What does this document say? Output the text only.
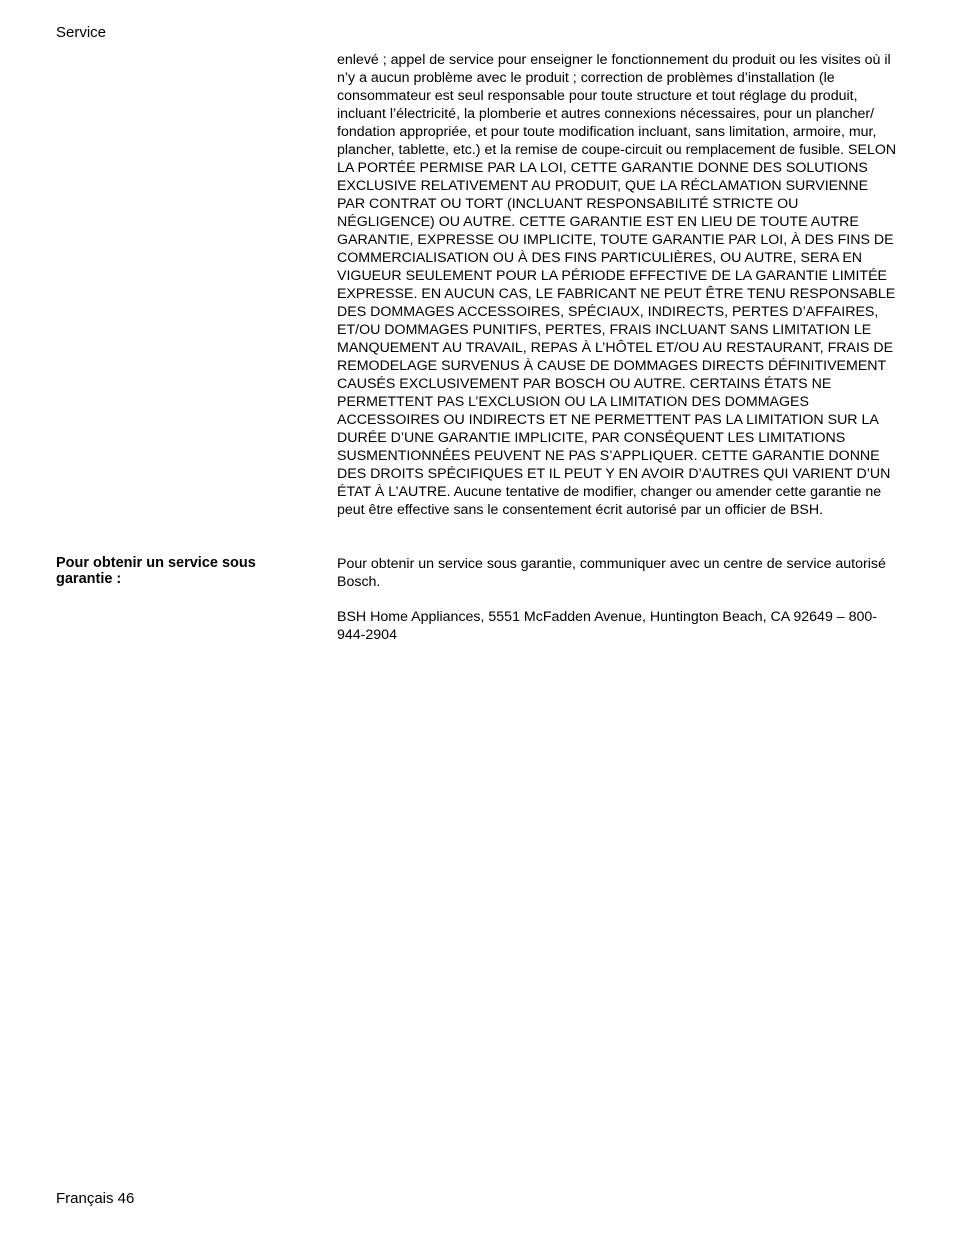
Service

enlevé ; appel de service pour enseigner le fonctionnement du produit ou les visites où il n’y a aucun problème avec le produit ; correction de problèmes d’installation (le consommateur est seul responsable pour toute structure et tout réglage du produit, incluant l’électricité, la plomberie et autres connexions nécessaires, pour un plancher/ fondation appropriée, et pour toute modification incluant, sans limitation, armoire, mur, plancher, tablette, etc.) et la remise de coupe-circuit ou remplacement de fusible. SELON LA PORTÉE PERMISE PAR LA LOI, CETTE GARANTIE DONNE DES SOLUTIONS EXCLUSIVE RELATIVEMENT AU PRODUIT, QUE LA RÉCLAMATION SURVIENNE PAR CONTRAT OU TORT (INCLUANT RESPONSABILITÉ STRICTE OU NÉGLIGENCE) OU AUTRE. CETTE GARANTIE EST EN LIEU DE TOUTE AUTRE GARANTIE, EXPRESSE OU IMPLICITE, TOUTE GARANTIE PAR LOI, À DES FINS DE COMMERCIALISATION OU À DES FINS PARTICULIÈRES, OU AUTRE, SERA EN VIGUEUR SEULEMENT POUR LA PÉRIODE EFFECTIVE DE LA GARANTIE LIMITÉE EXPRESSE. EN AUCUN CAS, LE FABRICANT NE PEUT ÊTRE TENU RESPONSABLE DES DOMMAGES ACCESSOIRES, SPÉCIAUX, INDIRECTS, PERTES D’AFFAIRES, ET/OU DOMMAGES PUNITIFS, PERTES, FRAIS INCLUANT SANS LIMITATION LE MANQUEMENT AU TRAVAIL, REPAS À L’HÔTEL ET/OU AU RESTAURANT, FRAIS DE REMODELAGE SURVENUS À CAUSE DE DOMMAGES DIRECTS DÉFINITIVEMENT CAUSÉS EXCLUSIVEMENT PAR BOSCH OU AUTRE. CERTAINS ÉTATS NE PERMETTENT PAS L’EXCLUSION OU LA LIMITATION DES DOMMAGES ACCESSOIRES OU INDIRECTS ET NE PERMETTENT PAS LA LIMITATION SUR LA DURÉE D’UNE GARANTIE IMPLICITE, PAR CONSÉQUENT LES LIMITATIONS SUSMENTIONNÉES PEUVENT NE PAS S’APPLIQUER. CETTE GARANTIE DONNE DES DROITS SPÉCIFIQUES ET IL PEUT Y EN AVOIR D’AUTRES QUI VARIENT D’UN ÉTAT À L’AUTRE. Aucune tentative de modifier, changer ou amender cette garantie ne peut être effective sans le consentement écrit autorisé par un officier de BSH.

Pour obtenir un service sous garantie :

Pour obtenir un service sous garantie, communiquer avec un centre de service autorisé Bosch.

BSH Home Appliances, 5551 McFadden Avenue, Huntington Beach, CA 92649 – 800-944-2904

Français 46
